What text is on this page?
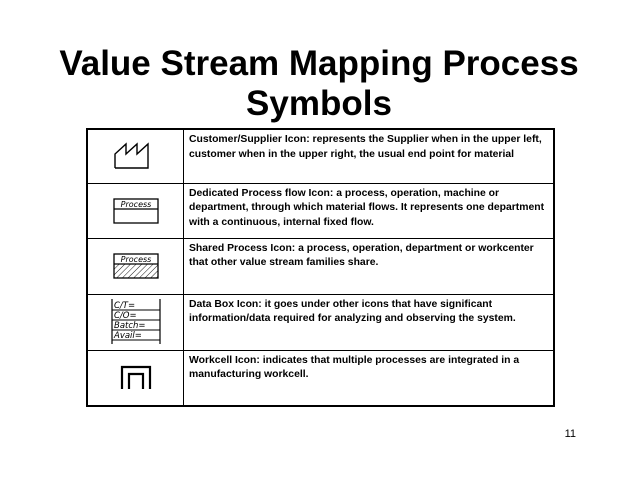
Value Stream Mapping Process
Symbols
	Customer/Supplier Icon: represents the Supplier when in the upper left, customer when in the upper right, the usual end point for material

Process	Dedicated Process flow Icon: a process, operation, machine or department, through which material flows. It represents one department with a continuous, internal fixed flow.

Process	Shared Process Icon: a process, operation, department or workcenter that other value stream families share.

C/T=
C/O=
Batch=
Avail=	Data Box Icon: it goes under other icons that have significant information/data required for analyzing and observing the system.
	Workcell Icon: indicates that multiple processes are integrated in a manufacturing workcell.
11
